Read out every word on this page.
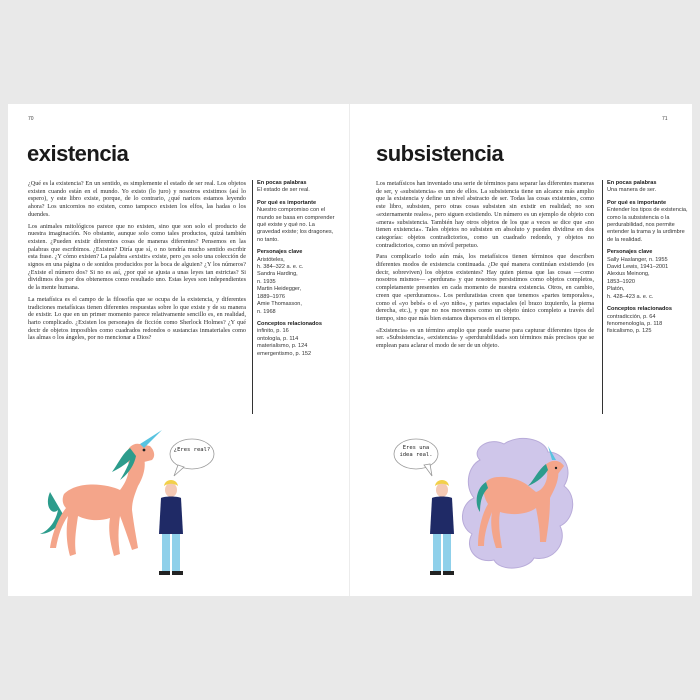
70
existencia

¿Qué es la existencia? En un sentido, es simplemente el estado de ser real. Los objetos existen cuando están en el mundo. Yo existo (lo juro) y nosotros existimos (así lo espero), y este libro existe, porque, de lo contrario, ¿qué narices estamos leyendo ahora? Los unicornios no existen, como tampoco existen los elfos, las hadas o los duendes.

Los animales mitológicos parece que no existen, sino que son solo el producto de nuestra imaginación. No obstante, aunque solo como tales productos, quizá también existen. ¿Pueden existir diferentes cosas de maneras diferentes? Pensemos en las palabras que escribimos. ¿Existen? Diría que sí, o no tendría mucho sentido escribir esta frase. ¿Y cómo existen? La palabra «existir» existe, pero ¿es solo una colección de signos en una página o de sonidos producidos por la boca de alguien? ¿Y los números? ¿Existe el número dos? Si no es así, ¿por qué se ajusta a unas leyes tan estrictas? Si dividimos dos por dos obtenemos como resultado uno. Estas leyes son independientes de la mente humana.

La metafísica es el campo de la filosofía que se ocupa de la existencia, y diferentes tradiciones metafísicas tienen diferentes respuestas sobre lo que existe y de su manera de existir. Lo que en un primer momento parece relativamente sencillo es, en realidad, harto complicado. ¿Existen los personajes de ficción como Sherlock Holmes? ¿Y qué decir de objetos imposibles como cuadrados redondos o sustancias inmateriales como las almas o los ángeles, por no mencionar a Dios?

En pocas palabras
El estado de ser real.
Por qué es importante
Nuestro compromiso con el mundo se basa en comprender qué existe y qué no. La gravedad existe; los dragones, no tanto.
Personajes clave
Aristóteles,
h. 384–322 a. e. c.
Sandra Harding,
n. 1935
Martin Heidegger,
1889–1976
Amie Thomasson,
n. 1968
Conceptos relacionados
infinito, p. 16
ontología, p. 114
materialismo, p. 124
emergentismo, p. 152
¿Eres real?
71
subsistencia

Los metafísicos han inventado una serie de términos para separar las diferentes maneras de ser, y «subsistencia» es uno de ellos. La subsistencia tiene un alcance más amplio que la existencia y define un nivel abstracto de ser. Todas las cosas existentes, como este libro, subsisten, pero otras cosas subsisten sin existir en realidad; no son «externamente reales», pero siguen existiendo. Un número es un ejemplo de objeto con «mera» subsistencia. También hay otros objetos de los que a veces se dice que «no tienen existencia». Tales objetos no subsisten en absoluto y pueden dividirse en dos categorías: objetos contradictorios, como un cuadrado redondo, y objetos no contradictorios, como un móvil perpetuo.

Para complicarlo todo aún más, los metafísicos tienen términos que describen diferentes modos de existencia continuada. ¿De qué manera continúan existiendo (es decir, sobreviven) los objetos existentes? Hay quien piensa que las cosas —como nosotros mismos— «perduran» y que nosotros persistimos como objetos completos, completamente presentes en cada momento de nuestra existencia. Otros, en cambio, creen que «perduramos». Los perduratistas creen que tenemos «partes temporales», como el «yo bebé» o el «yo niño», y partes espaciales (el brazo izquierdo, la pierna derecha, etc.), y que no nos movemos como un objeto único completo a través del tiempo, sino que más bien estamos dispersos en el tiempo.

«Existencia» es un término amplio que puede usarse para capturar diferentes tipos de ser. «Subsistencia», «existencia» y «perdurabilidad» son términos más precisos que se emplean para aclarar el modo de ser de un objeto.

En pocas palabras
Una manera de ser.
Por qué es importante
Entender los tipos de existencia, como la subsistencia o la perdurabilidad, nos permite entender la trama y la urdimbre de la realidad.
Personajes clave
Sally Haslanger, n. 1955
David Lewis, 1941–2001
Alexius Meinong,
1853–1920
Platón,
h. 428–423 a. e. c.
Conceptos relacionados
contradicción, p. 64
fenomenología, p. 118
fisicalismo, p. 125
Eres una idea real.
